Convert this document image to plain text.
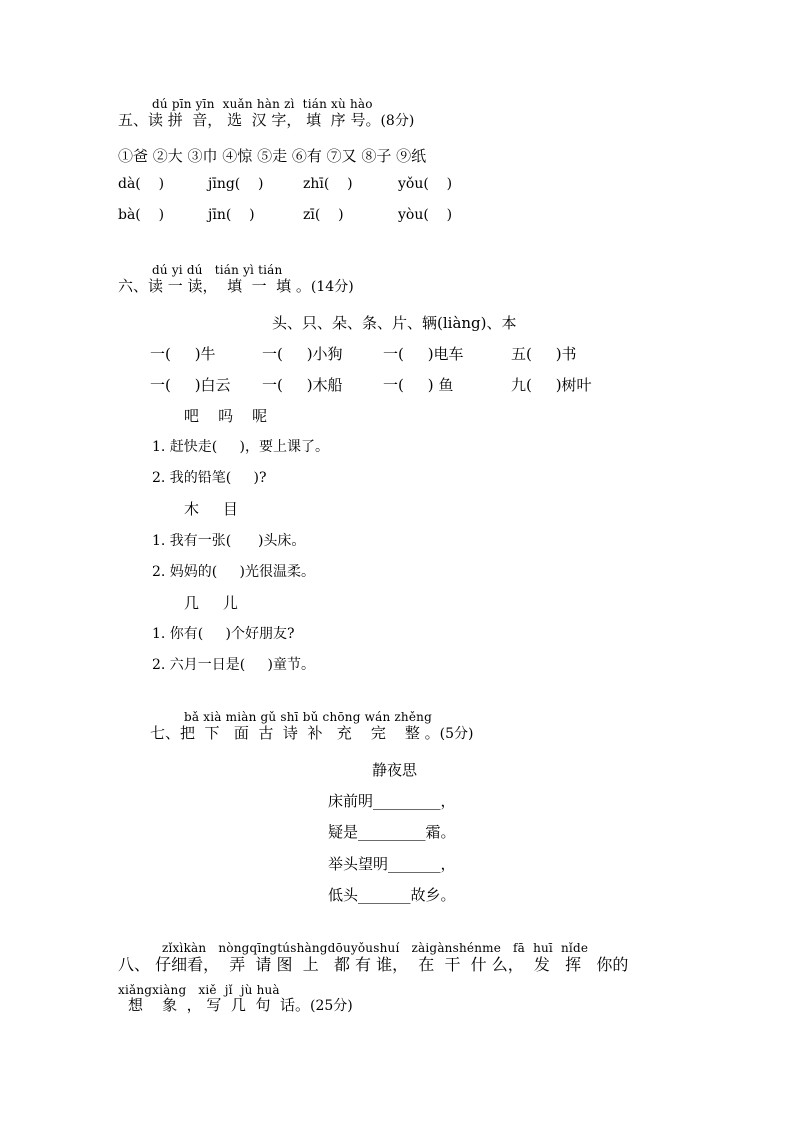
dú pīn yīn  xuǎn hàn zì  tián xù hào
五、读 拼  音， 选  汉 字， 填  序 号。(8分)
①爸 ②大 ③巾 ④惊 ⑤走 ⑥有 ⑦又 ⑧子 ⑨纸
dà(    )	jīng(    )	zhī(    )	yǒu(    )
bà(    )	jīn(    )	zī(    )	yòu(    )
dú yi dú   tián yì tián
六、读 一 读，  填  一  填 。(14分)
头、只、朵、条、片、辆(liàng)、本
一(     )牛	一(     )小狗	一(     )电车	五(     )书
一(     )白云 一(     )木船	一(     ) 鱼	九(     )树叶
吧    吗    呢
1. 赶快走(     )，要上课了。
2. 我的铅笔(     )?
木     目
1. 我有一张(      )头床。
2. 妈妈的(     )光很温柔。
几     儿
1. 你有(     )个好朋友?
2. 六月一日是(     )童节。
bǎ xià miàn gǔ shī bǔ chōng wán zhěng
七、把  下   面  古  诗  补   充    完    整 。(5分)
静夜思
床前明_________，
疑是_________霜。
举头望明_______，
低头_______故乡。
zǐxìkàn   nòngqīngtúshàngdōuyǒushuí   zàigànshénme   fā  huī  nǐde
八、 仔细看，  弄  请 图  上   都 有 谁，  在  干  什 么，  发   挥   你的
xiǎngxiàng   xiě  jǐ  jù huà
想    象  ， 写  几  句  话。(25分)
